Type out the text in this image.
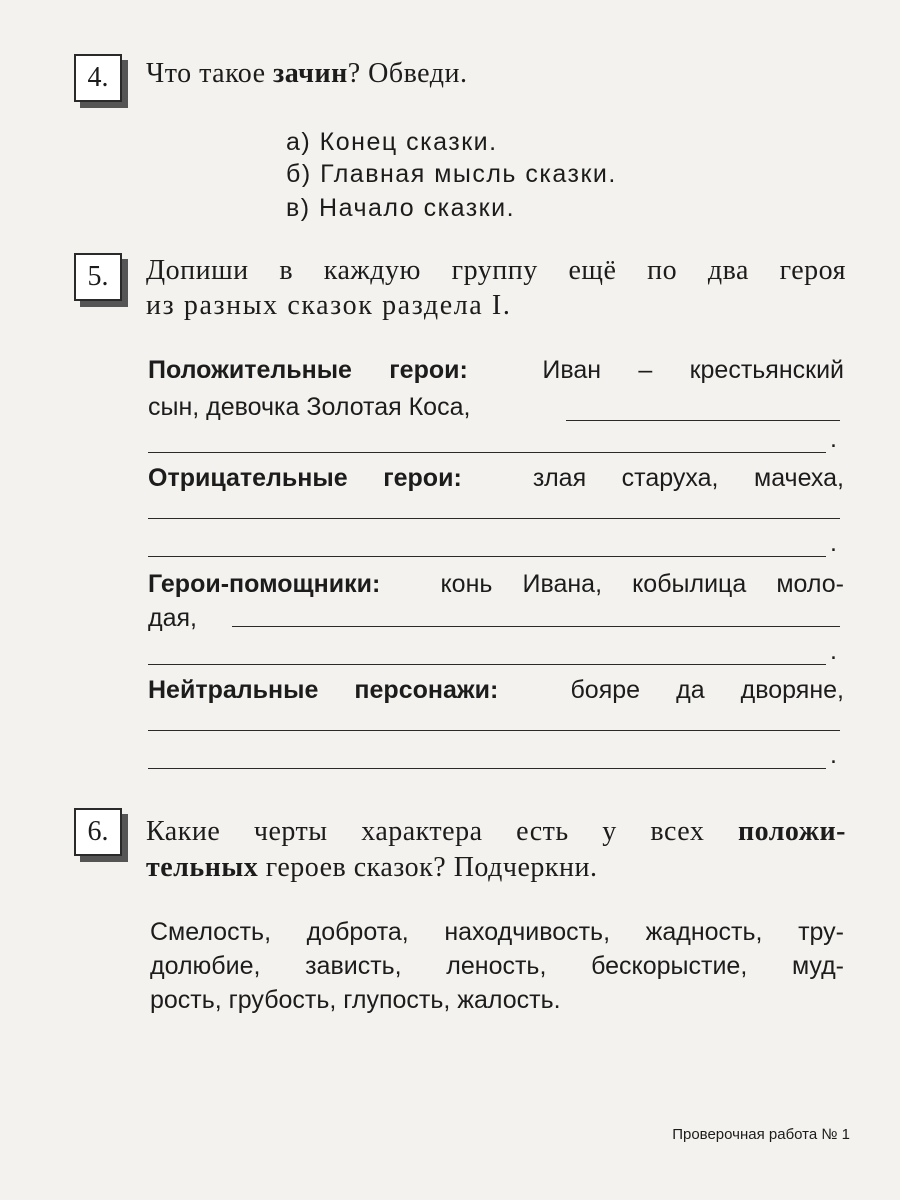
4. Что такое зачин? Обведи.
а) Конец сказки.
б) Главная мысль сказки.
в) Начало сказки.
5. Допиши в каждую группу ещё по два героя
из разных сказок раздела I.
Положительные герои:	Иван – крестьянский
сын, девочка Золотая Коса,
.
Отрицательные герои:	злая старуха, мачеха,
.
Герои-помощники: конь Ивана, кобылица моло-
дая,
.
Нейтральные персонажи:	бояре да дворяне,
.
6. Какие черты характера есть у всех положи-
тельных героев сказок? Подчеркни.
Смелость, доброта, находчивость, жадность, тру-
долюбие, зависть, леность, бескорыстие, муд-
рость, грубость, глупость, жалость.
Проверочная работа № 1
